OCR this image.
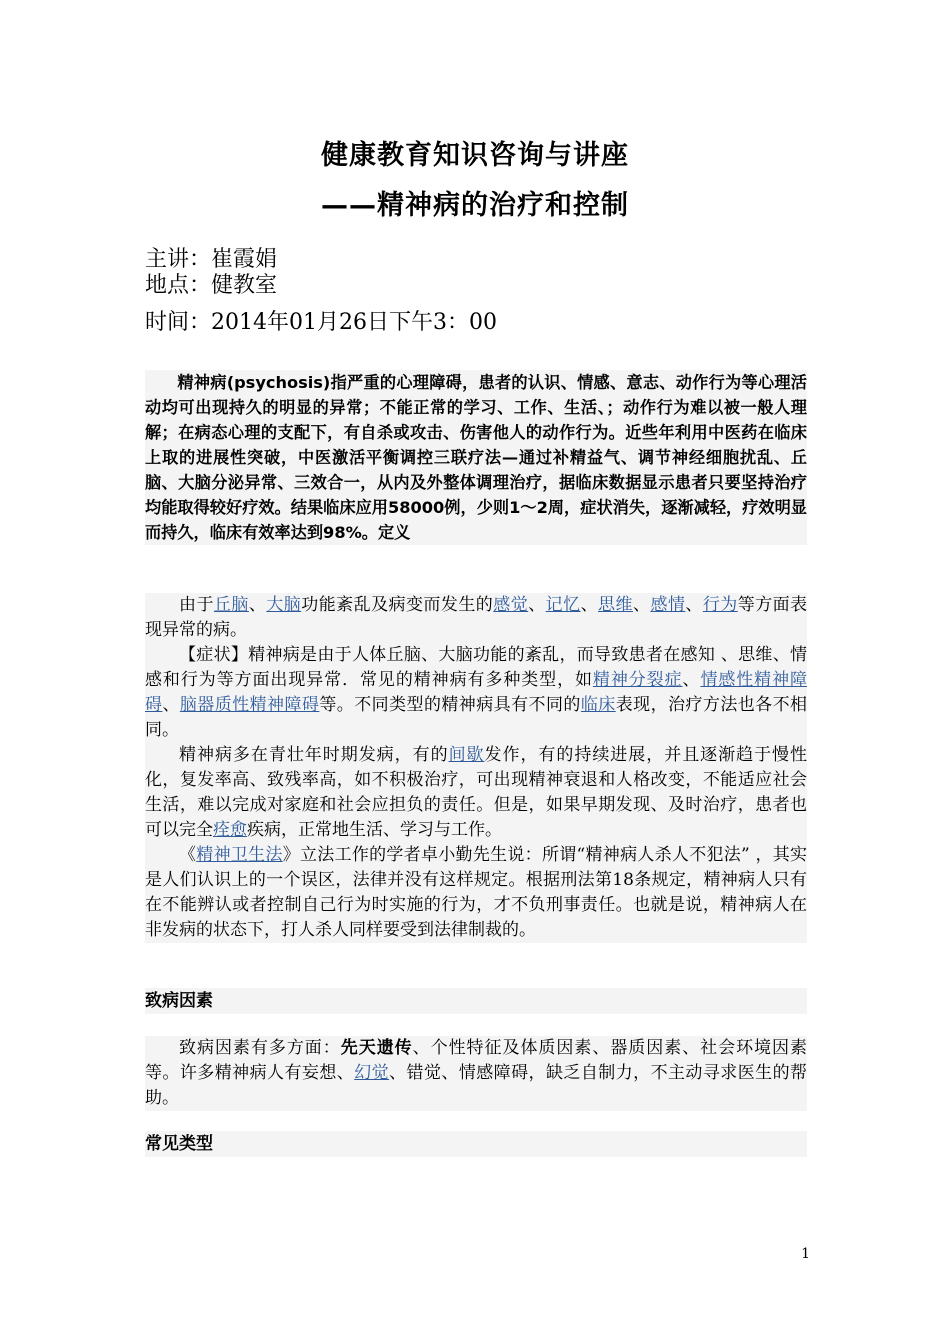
健康教育知识咨询与讲座
——精神病的治疗和控制
主讲：崔霞娟
地点：健教室
时间：2014年01月26日下午3：00

精神病(psychosis)指严重的心理障碍，患者的认识、情感、意志、动作行为等心理活动均可出现持久的明显的异常；不能正常的学习、工作、生活、；动作行为难以被一般人理解；在病态心理的支配下，有自杀或攻击、伤害他人的动作行为。近些年利用中医药在临床上取的进展性突破，中医激活平衡调控三联疗法—通过补精益气、调节神经细胞扰乱、丘脑、大脑分泌异常、三效合一，从内及外整体调理治疗，据临床数据显示患者只要坚持治疗均能取得较好疗效。结果临床应用58000例，少则1～2周，症状消失，逐渐减轻，疗效明显而持久，临床有效率达到98%。定义

由于丘脑、大脑功能紊乱及病变而发生的感觉、记忆、思维、感情、行为等方面表现异常的病。

【症状】精神病是由于人体丘脑、大脑功能的紊乱，而导致患者在感知 、思维、情感和行为等方面出现异常．常见的精神病有多种类型，如精神分裂症、情感性精神障碍、脑器质性精神障碍等。不同类型的精神病具有不同的临床表现，治疗方法也各不相同。

精神病多在青壮年时期发病，有的间歇发作，有的持续进展，并且逐渐趋于慢性化，复发率高、致残率高，如不积极治疗，可出现精神衰退和人格改变，不能适应社会生活，难以完成对家庭和社会应担负的责任。但是，如果早期发现、及时治疗，患者也可以完全痊愈疾病，正常地生活、学习与工作。

《精神卫生法》立法工作的学者卓小勤先生说：所谓“精神病人杀人不犯法” ，其实是人们认识上的一个误区，法律并没有这样规定。根据刑法第18条规定，精神病人只有在不能辨认或者控制自己行为时实施的行为，才不负刑事责任。也就是说，精神病人在非发病的状态下，打人杀人同样要受到法律制裁的。

致病因素

致病因素有多方面：先天遗传、个性特征及体质因素、器质因素、社会环境因素等。许多精神病人有妄想、幻觉、错觉、情感障碍，缺乏自制力，不主动寻求医生的帮助。

常见类型
1
